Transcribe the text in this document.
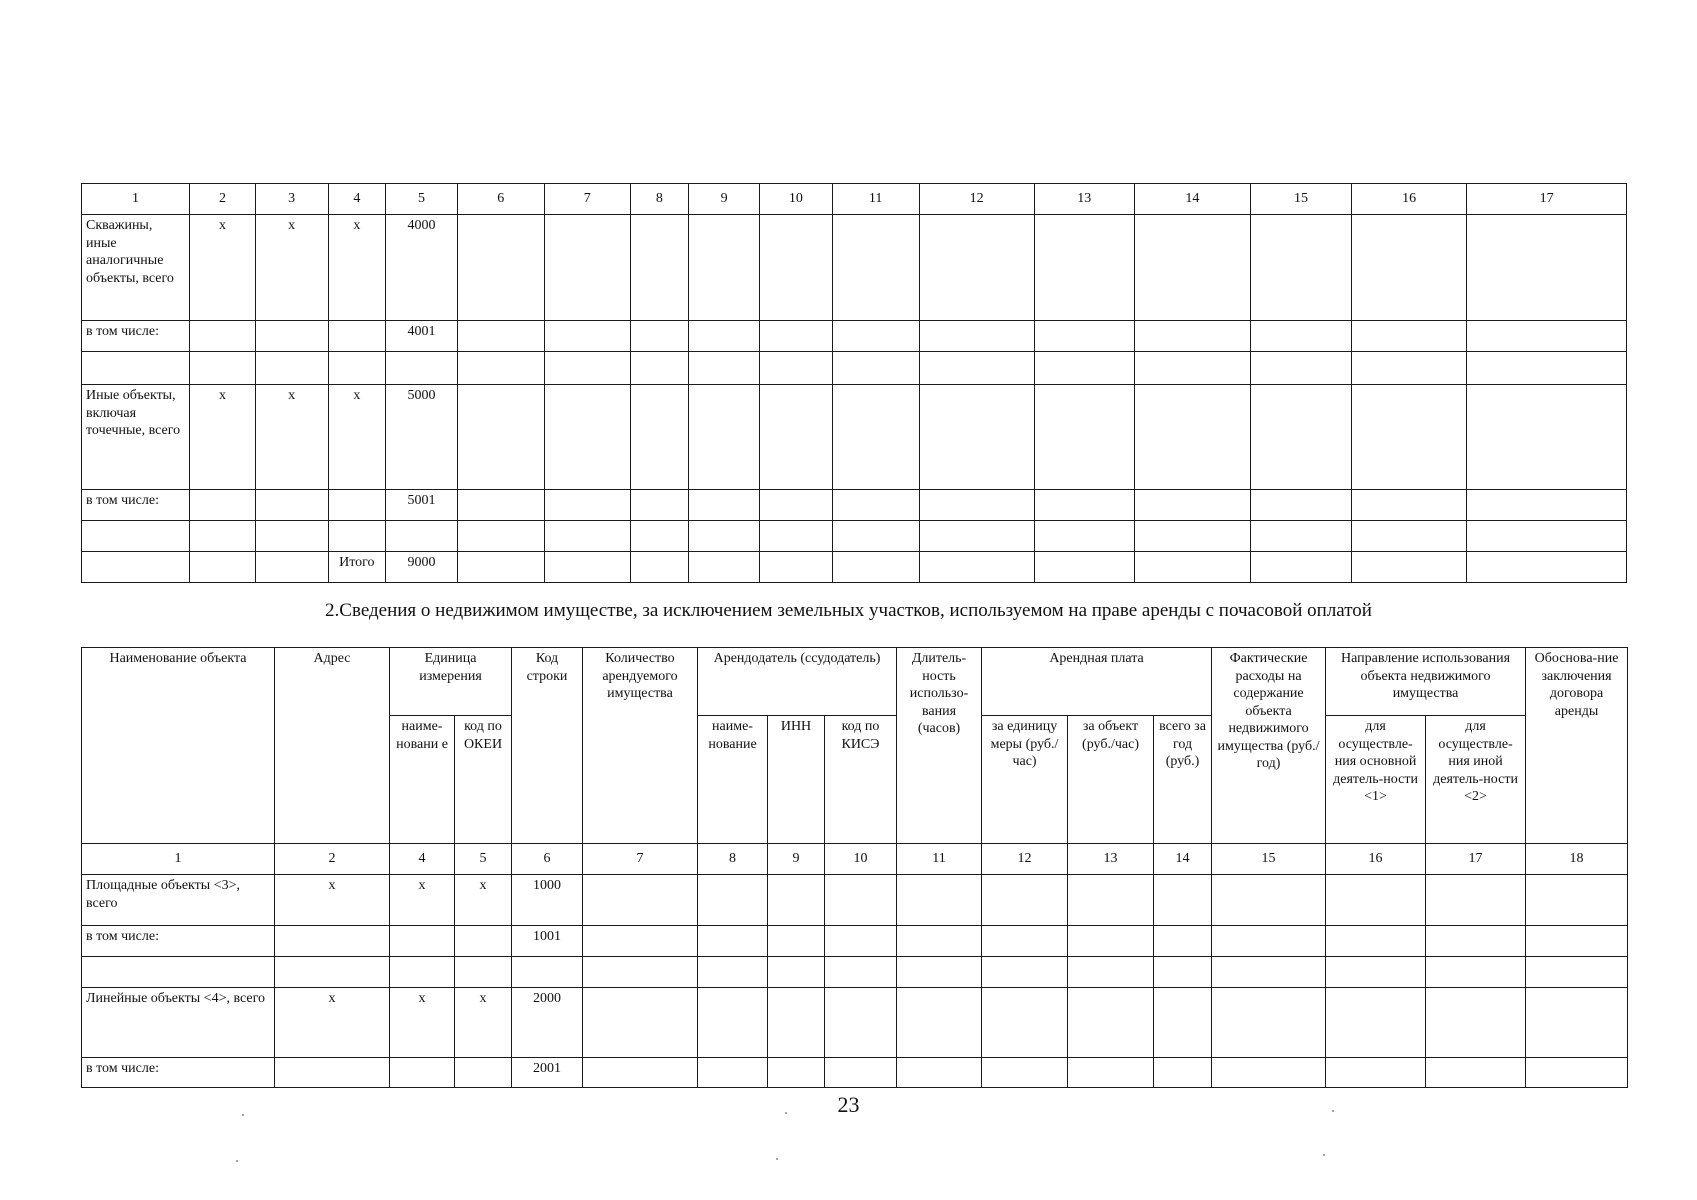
1	2	3	4	5	6	7	8	9	10	11	12	13	14	15	16	17
Скважины, иные аналогичные объекты, всего	х	х	х	4000												
в том числе:				4001												

Иные объекты, включая точечные, всего	х	х	х	5000												
в том числе:				5001												

			Итого	9000												
2.Сведения о недвижимом имуществе, за исключением земельных участков, используемом на праве аренды с почасовой оплатой
Наименование объекта	Адрес	Единица измерения		Код строки	Количество арендуемого имущества	Арендодатель (ссудодатель)			Длитель-ность использо-вания (часов)	Арендная плата			Фактические расходы на содержание объекта недвижимого имущества (руб./год)	Направление использования объекта недвижимого имущества		Обоснова-ние заключения договора аренды
		наиме-новани е	код по ОКЕИ			наиме-нование	ИНН	код по КИСЭ		за единицу меры (руб./час)	за объект (руб./час)	всего за год (руб.)		для осуществле-ния основной деятель-ности <1>	для осуществле-ния иной деятель-ности <2>	
1	2	4	5	6	7	8	9	10	11	12	13	14	15	16	17	18
Площадные объекты <3>, всего	х	х	х	1000												
в том числе:				1001												

Линейные объекты <4>, всего	х	х	х	2000												
в том числе:				2001												
23
